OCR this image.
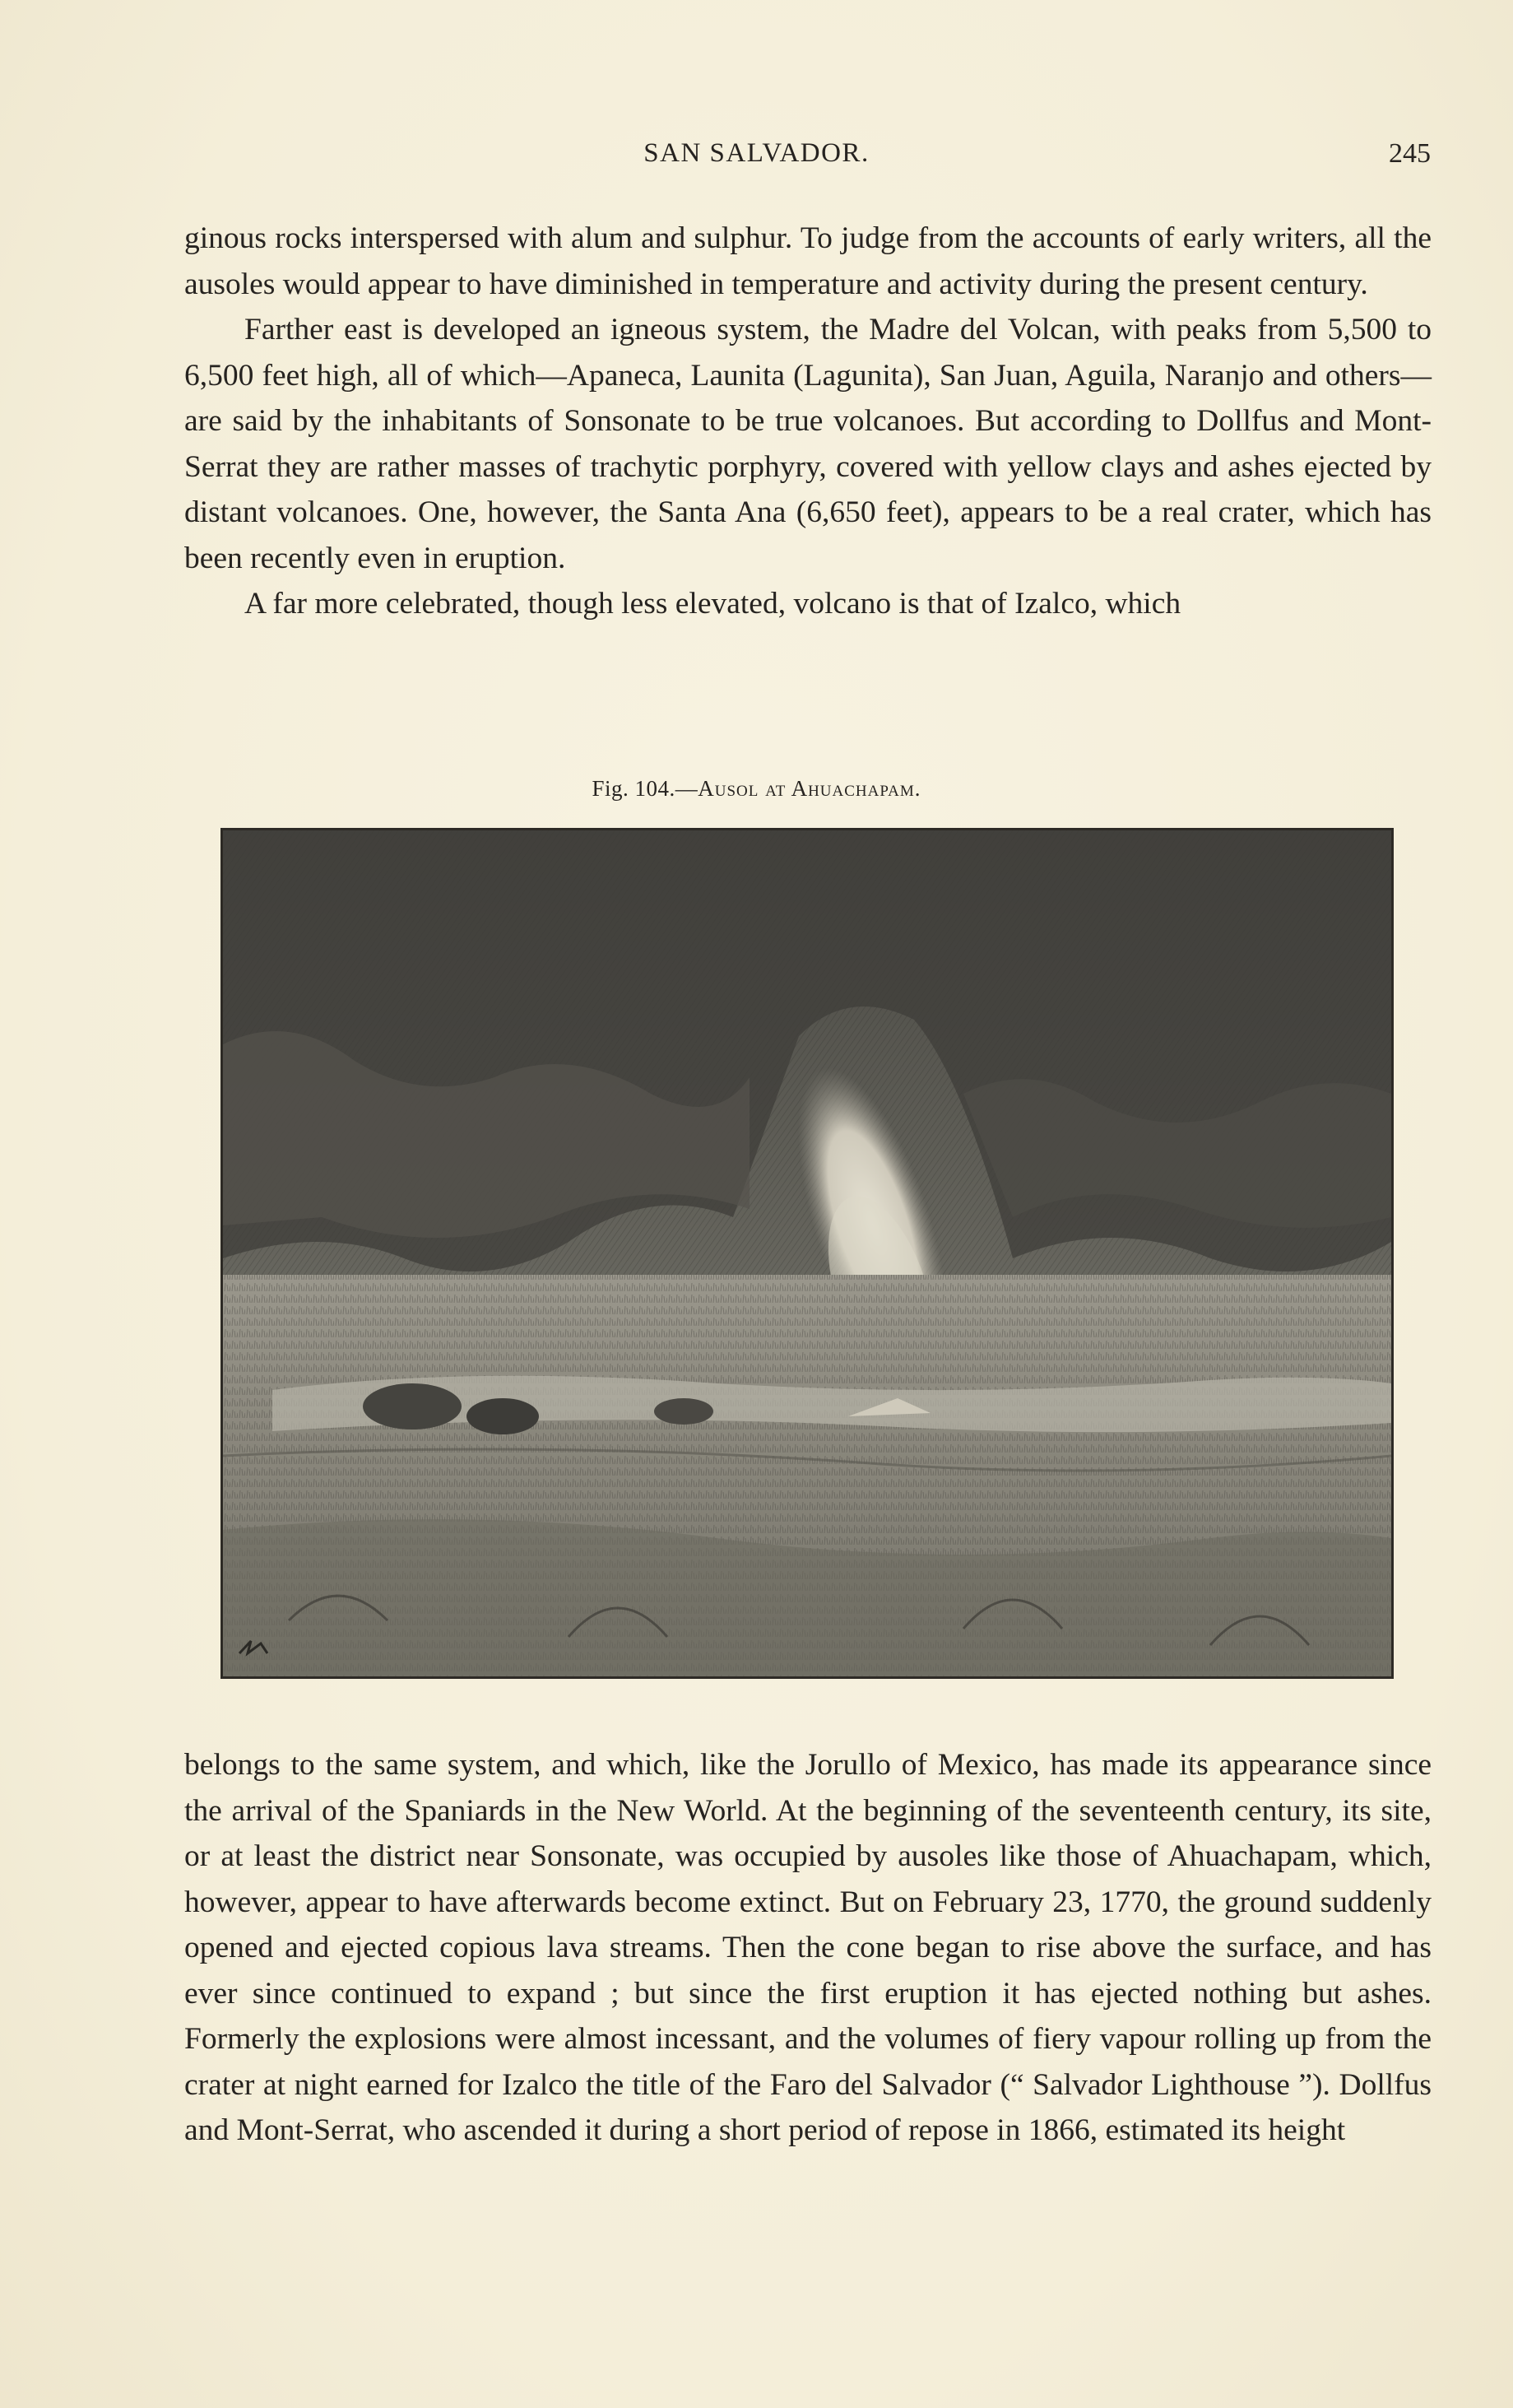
SAN SALVADOR.	245

ginous rocks interspersed with alum and sulphur. To judge from the accounts of early writers, all the ausoles would appear to have diminished in temperature and activity during the present century.

Farther east is developed an igneous system, the Madre del Volcan, with peaks from 5,500 to 6,500 feet high, all of which—Apaneca, Launita (Lagunita), San Juan, Aguila, Naranjo and others—are said by the inhabitants of Sonsonate to be true volcanoes. But according to Dollfus and Mont-Serrat they are rather masses of trachytic porphyry, covered with yellow clays and ashes ejected by distant volcanoes. One, however, the Santa Ana (6,650 feet), appears to be a real crater, which has been recently even in eruption.

A far more celebrated, though less elevated, volcano is that of Izalco, which

Fig. 104.—Ausol at Ahuachapam.

belongs to the same system, and which, like the Jorullo of Mexico, has made its appearance since the arrival of the Spaniards in the New World. At the beginning of the seventeenth century, its site, or at least the district near Sonsonate, was occupied by ausoles like those of Ahuachapam, which, however, appear to have afterwards become extinct. But on February 23, 1770, the ground suddenly opened and ejected copious lava streams. Then the cone began to rise above the surface, and has ever since continued to expand ; but since the first eruption it has ejected nothing but ashes. Formerly the explosions were almost incessant, and the volumes of fiery vapour rolling up from the crater at night earned for Izalco the title of the Faro del Salvador (“ Salvador Lighthouse ”). Dollfus and Mont-Serrat, who ascended it during a short period of repose in 1866, estimated its height
